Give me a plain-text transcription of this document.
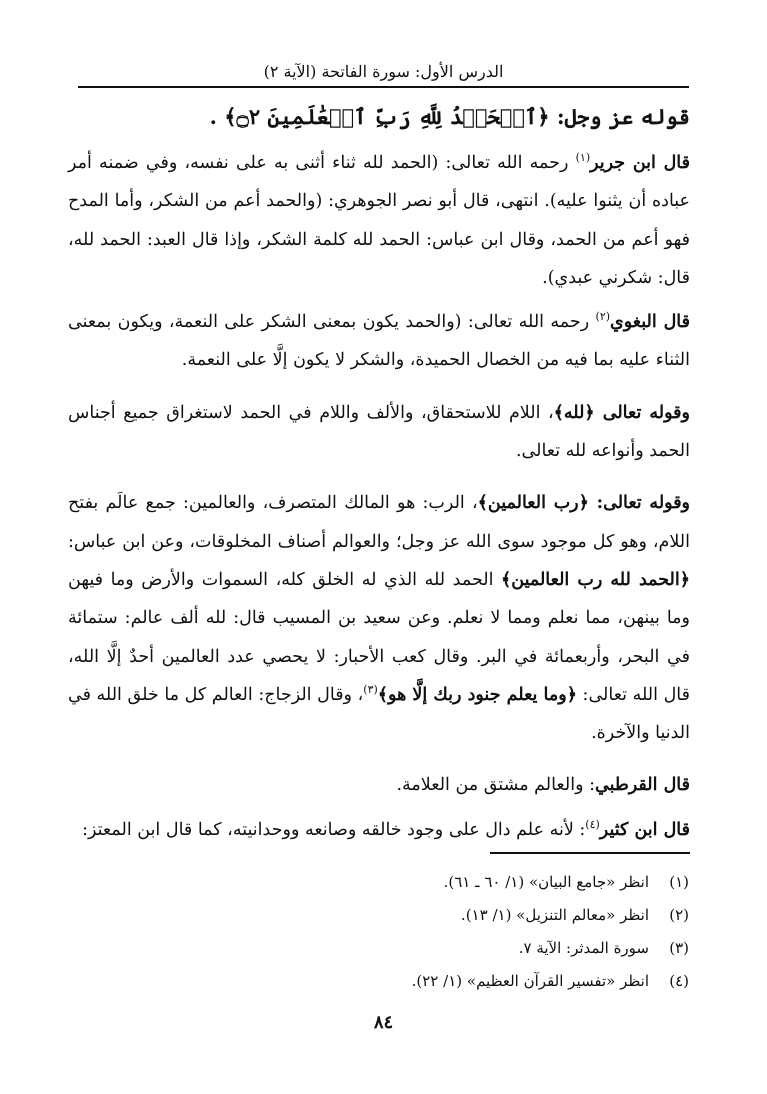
الدرس الأول: سورة الفاتحة (الآية ٢)

قوله عز وجل: ﴿ٱلۡحَمۡدُ لِلَّهِ رَبِّ ٱلۡعَٰلَمِينَ ۝٢﴾ .

قال ابن جرير$^{(١)}$ رحمه الله تعالى: (الحمد لله ثناء أثنى به على نفسه، وفي ضمنه أمر عباده أن يثنوا عليه). انتهى، قال أبو نصر الجوهري: (والحمد أعم من الشكر، وأما المدح فهو أعم من الحمد، وقال ابن عباس: الحمد لله كلمة الشكر، وإذا قال العبد: الحمد لله، قال: شكرني عبدي).

قال البغوي$^{(٢)}$ رحمه الله تعالى: (والحمد يكون بمعنى الشكر على النعمة، ويكون بمعنى الثناء عليه بما فيه من الخصال الحميدة، والشكر لا يكون إلَّا على النعمة.

وقوله تعالى ﴿لله﴾، اللام للاستحقاق، والألف واللام في الحمد لاستغراق جميع أجناس الحمد وأنواعه لله تعالى.

وقوله تعالى: ﴿رب العالمين﴾، الرب: هو المالك المتصرف، والعالمين: جمع عالَم بفتح اللام، وهو كل موجود سوى الله عز وجل؛ والعوالم أصناف المخلوقات، وعن ابن عباس: ﴿الحمد لله رب العالمين﴾ الحمد لله الذي له الخلق كله، السموات والأرض وما فيهن وما بينهن، مما نعلم ومما لا نعلم. وعن سعيد بن المسيب قال: لله ألف عالم: ستمائة في البحر، وأربعمائة في البر. وقال كعب الأحبار: لا يحصي عدد العالمين أحدٌ إلَّا الله، قال الله تعالى: ﴿وما يعلم جنود ربك إلَّا هو﴾$^{(٣)}$، وقال الزجاج: العالم كل ما خلق الله في الدنيا والآخرة.

قال القرطبي: والعالم مشتق من العلامة.

قال ابن كثير$^{(٤)}$: لأنه علم دال على وجود خالقه وصانعه ووحدانيته، كما قال ابن المعتز:

(١)
انظر «جامع البيان» (١/ ٦٠ ـ ٦١).
(٢)
انظر «معالم التنزيل» (١/ ١٣).
(٣)
سورة المدثر: الآية ٧.
(٤)
انظر «تفسير القرآن العظيم» (١/ ٢٢).
٨٤
